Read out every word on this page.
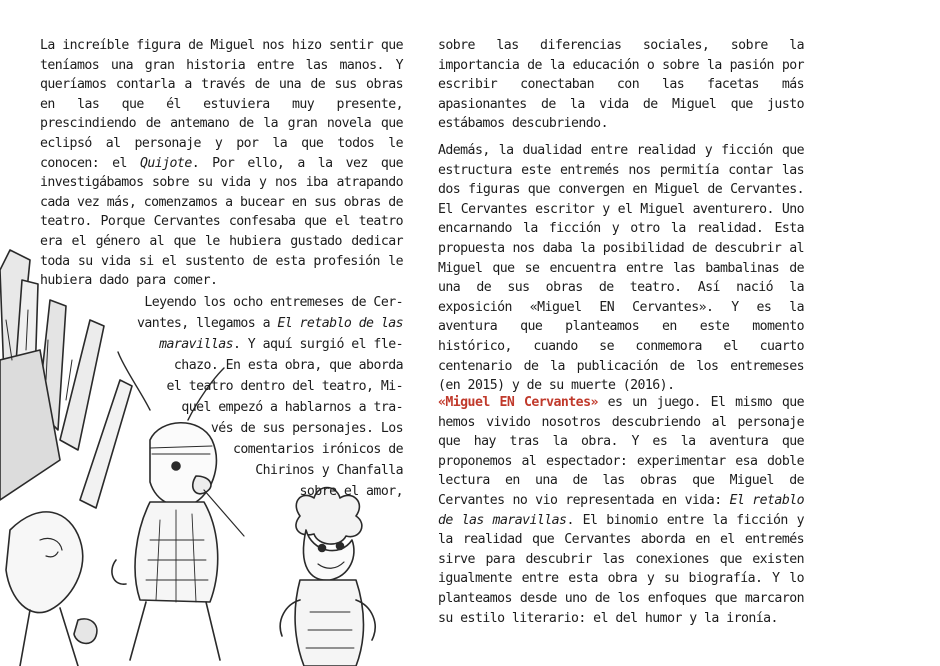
La increíble figura de Miguel nos hizo sentir que teníamos una gran historia entre las manos. Y queríamos contarla a través de una de sus obras en las que él estuviera muy presente, prescindiendo de antemano de la gran novela que eclipsó al personaje y por la que todos le conocen: el Quijote. Por ello, a la vez que investigábamos sobre su vida y nos iba atrapando cada vez más, comenzamos a bucear en sus obras de teatro. Porque Cervantes confesaba que el teatro era el género al que le hubiera gustado dedicar toda su vida si el sustento de esta profesión le hubiera dado para comer.

Leyendo los ocho entremeses de Cer-
vantes, llegamos a El retablo de las
maravillas. Y aquí surgió el fle-
chazo. En esta obra, que aborda
el teatro dentro del teatro, Mi-
quel empezó a hablarnos a tra-
vés de sus personajes. Los
comentarios irónicos de
Chirinos y Chanfalla
sobre el amor,

sobre las diferencias sociales, sobre la importancia de la educación o sobre la pasión por escribir conectaban con las facetas más apasionantes de la vida de Miguel que justo estábamos descubriendo.

Además, la dualidad entre realidad y ficción que estructura este entremés nos permitía contar las dos figuras que convergen en Miguel de Cervantes. El Cervantes escritor y el Miguel aventurero. Uno encarnando la ficción y otro la realidad. Esta propuesta nos daba la posibilidad de descubrir al Miguel que se encuentra entre las bambalinas de una de sus obras de teatro. Así nació la exposición «Miguel EN Cervantes». Y es la aventura que planteamos en este momento histórico, cuando se conmemora el cuarto centenario de la publicación de los entremeses (en 2015) y de su muerte (2016).

«Miguel EN Cervantes» es un juego. El mismo que hemos vivido nosotros descubriendo al personaje que hay tras la obra. Y es la aventura que proponemos al espectador: experimentar esa doble lectura en una de las obras que Miguel de Cervantes no vio representada en vida: El retablo de las maravillas. El binomio entre la ficción y la realidad que Cervantes aborda en el entremés sirve para descubrir las conexiones que existen igualmente entre esta obra y su biografía. Y lo planteamos desde uno de los enfoques que marcaron su estilo literario: el del humor y la ironía.
